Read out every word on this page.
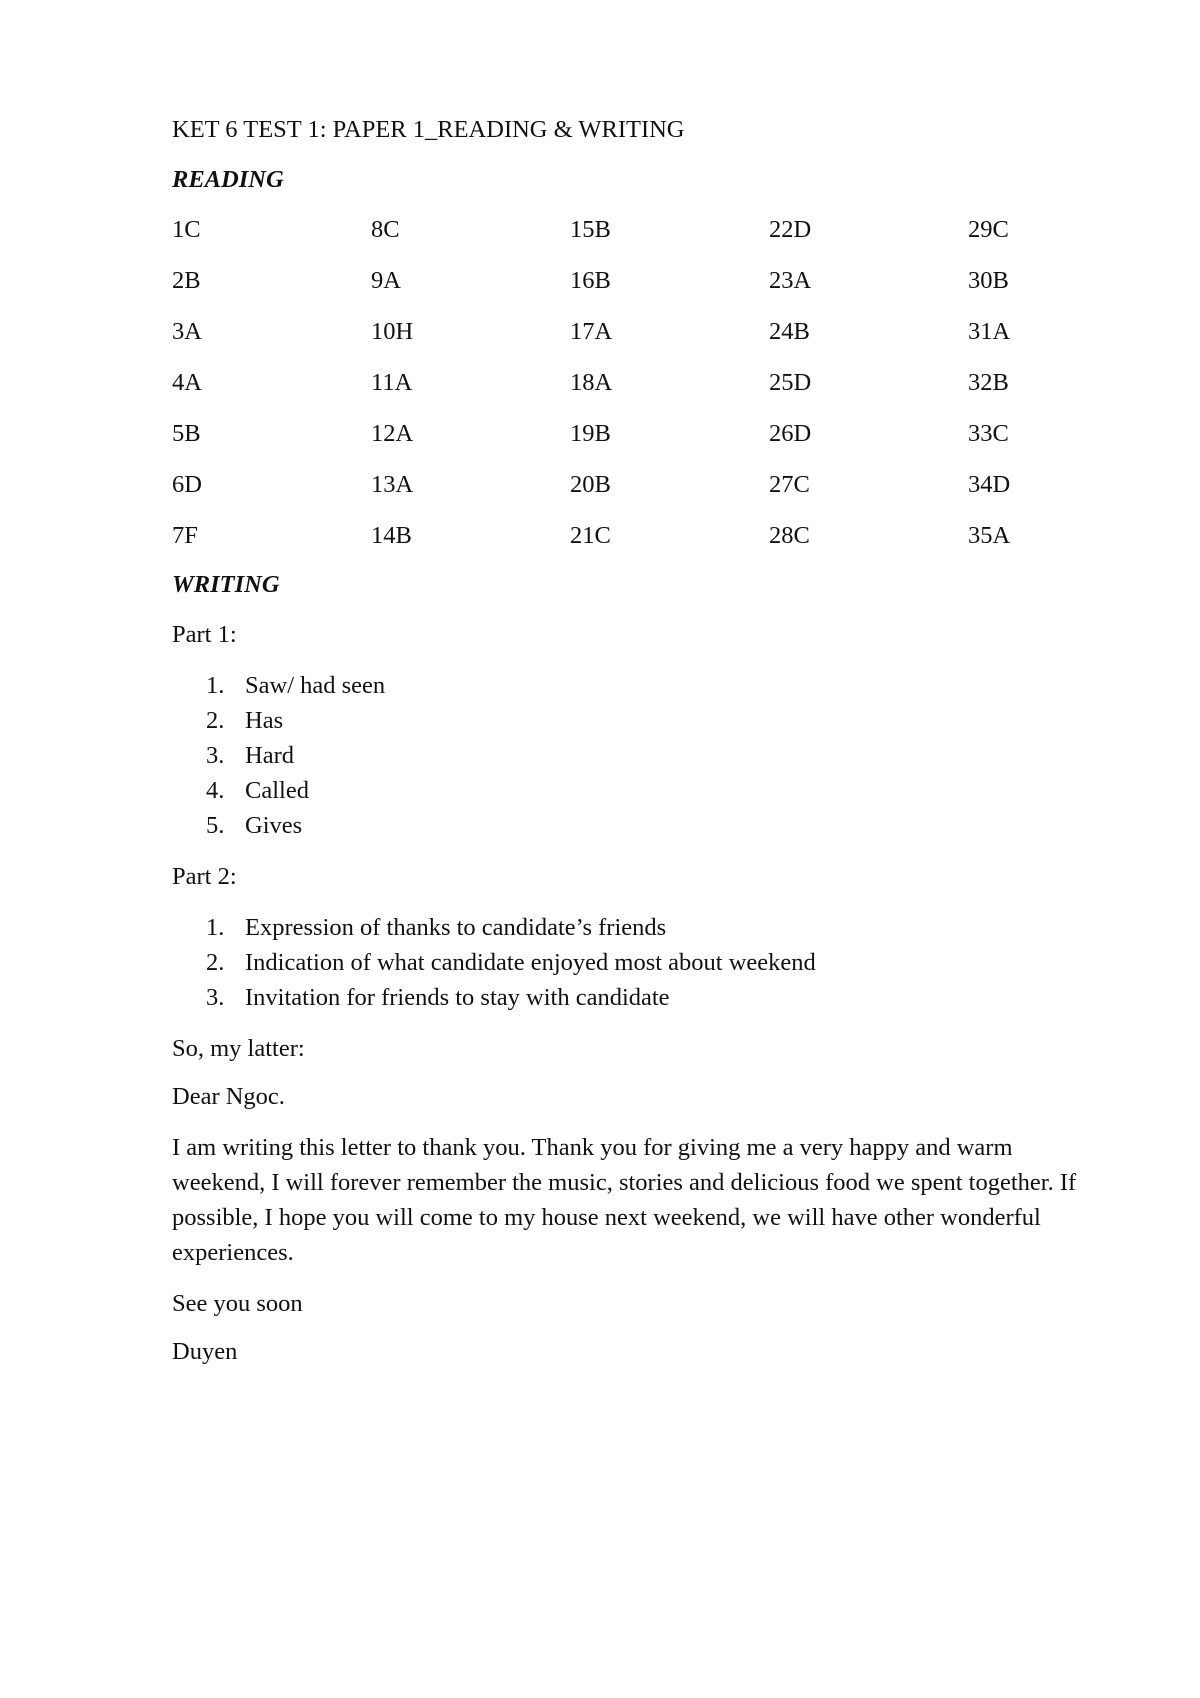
KET 6 TEST 1: PAPER 1_READING & WRITING

READING

1C	8C	15B	22D	29C
2B	9A	16B	23A	30B
3A	10H	17A	24B	31A
4A	11A	18A	25D	32B
5B	12A	19B	26D	33C
6D	13A	20B	27C	34D
7F	14B	21C	28C	35A

WRITING

Part 1:

1. Saw/ had seen
2. Has
3. Hard
4. Called
5. Gives

Part 2:

1. Expression of thanks to candidate’s friends
2. Indication of what candidate enjoyed most about weekend
3. Invitation for friends to stay with candidate

So, my latter:

Dear Ngoc.

I am writing this letter to thank you. Thank you for giving me a very happy and warm weekend, I will forever remember the music, stories and delicious food we spent together. If possible, I hope you will come to my house next weekend, we will have other wonderful experiences.

See you soon

Duyen
